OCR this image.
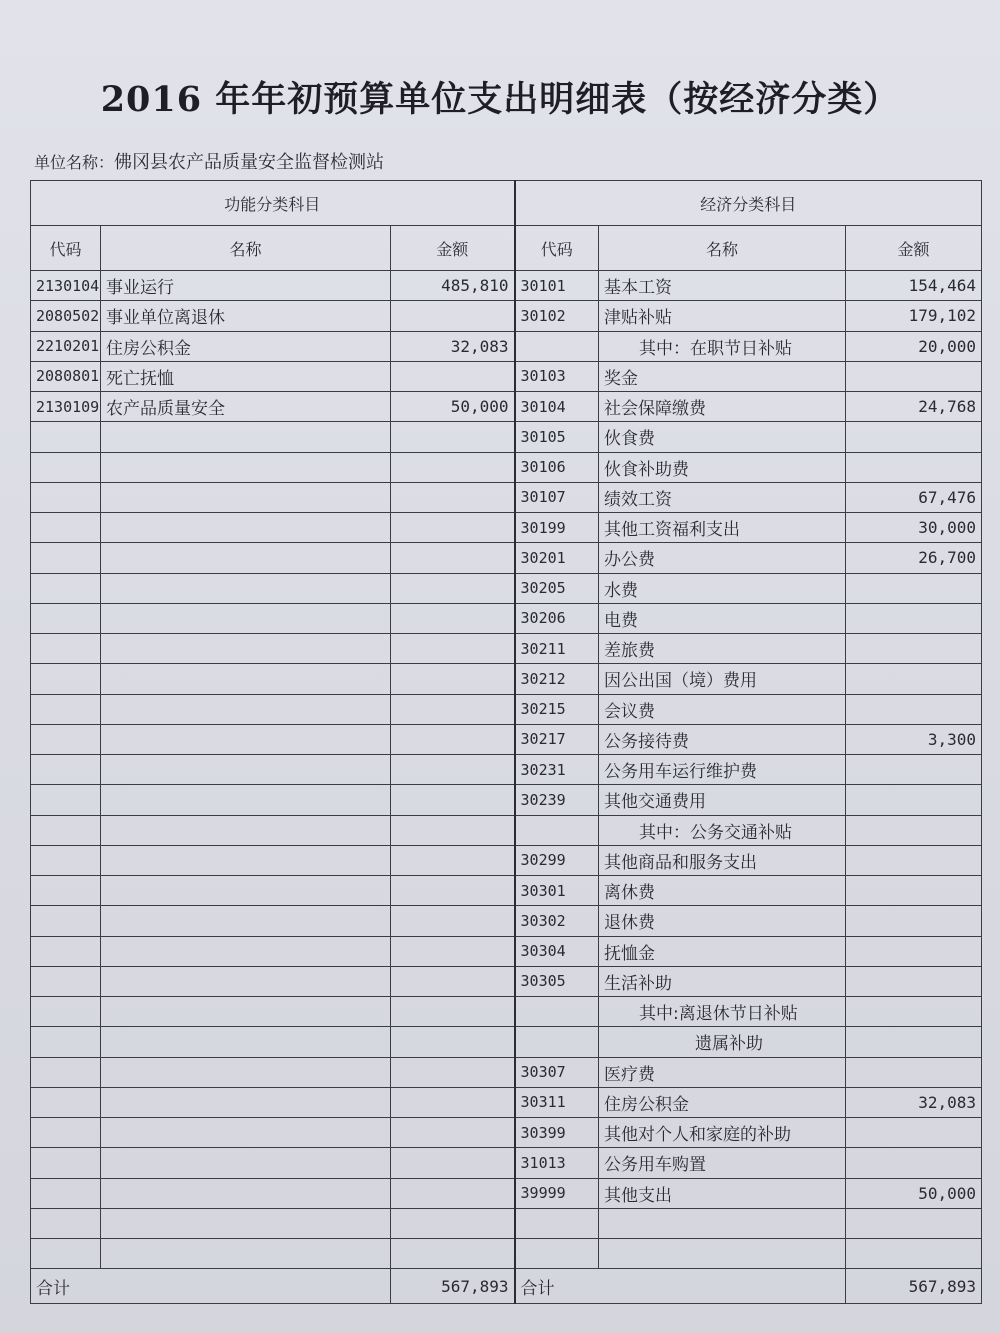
2016 年年初预算单位支出明细表（按经济分类）
单位名称：佛冈县农产品质量安全监督检测站
功能分类科目			经济分类科目		
代码	名称	金额	代码	名称	金额
2130104	事业运行	485,810	30101	基本工资	154,464
2080502	事业单位离退休		30102	津贴补贴	179,102
2210201	住房公积金	32,083		其中：在职节日补贴	20,000
2080801	死亡抚恤		30103	奖金	
2130109	农产品质量安全	50,000	30104	社会保障缴费	24,768
			30105	伙食费	
			30106	伙食补助费	
			30107	绩效工资	67,476
			30199	其他工资福利支出	30,000
			30201	办公费	26,700
			30205	水费	
			30206	电费	
			30211	差旅费	
			30212	因公出国（境）费用	
			30215	会议费	
			30217	公务接待费	3,300
			30231	公务用车运行维护费	
			30239	其他交通费用	
				其中：公务交通补贴	
			30299	其他商品和服务支出	
			30301	离休费	
			30302	退休费	
			30304	抚恤金	
			30305	生活补助	
				其中:离退休节日补贴	
				遗属补助	
			30307	医疗费	
			30311	住房公积金	32,083
			30399	其他对个人和家庭的补助	
			31013	公务用车购置	
			39999	其他支出	50,000

合计		567,893	合计		567,893
